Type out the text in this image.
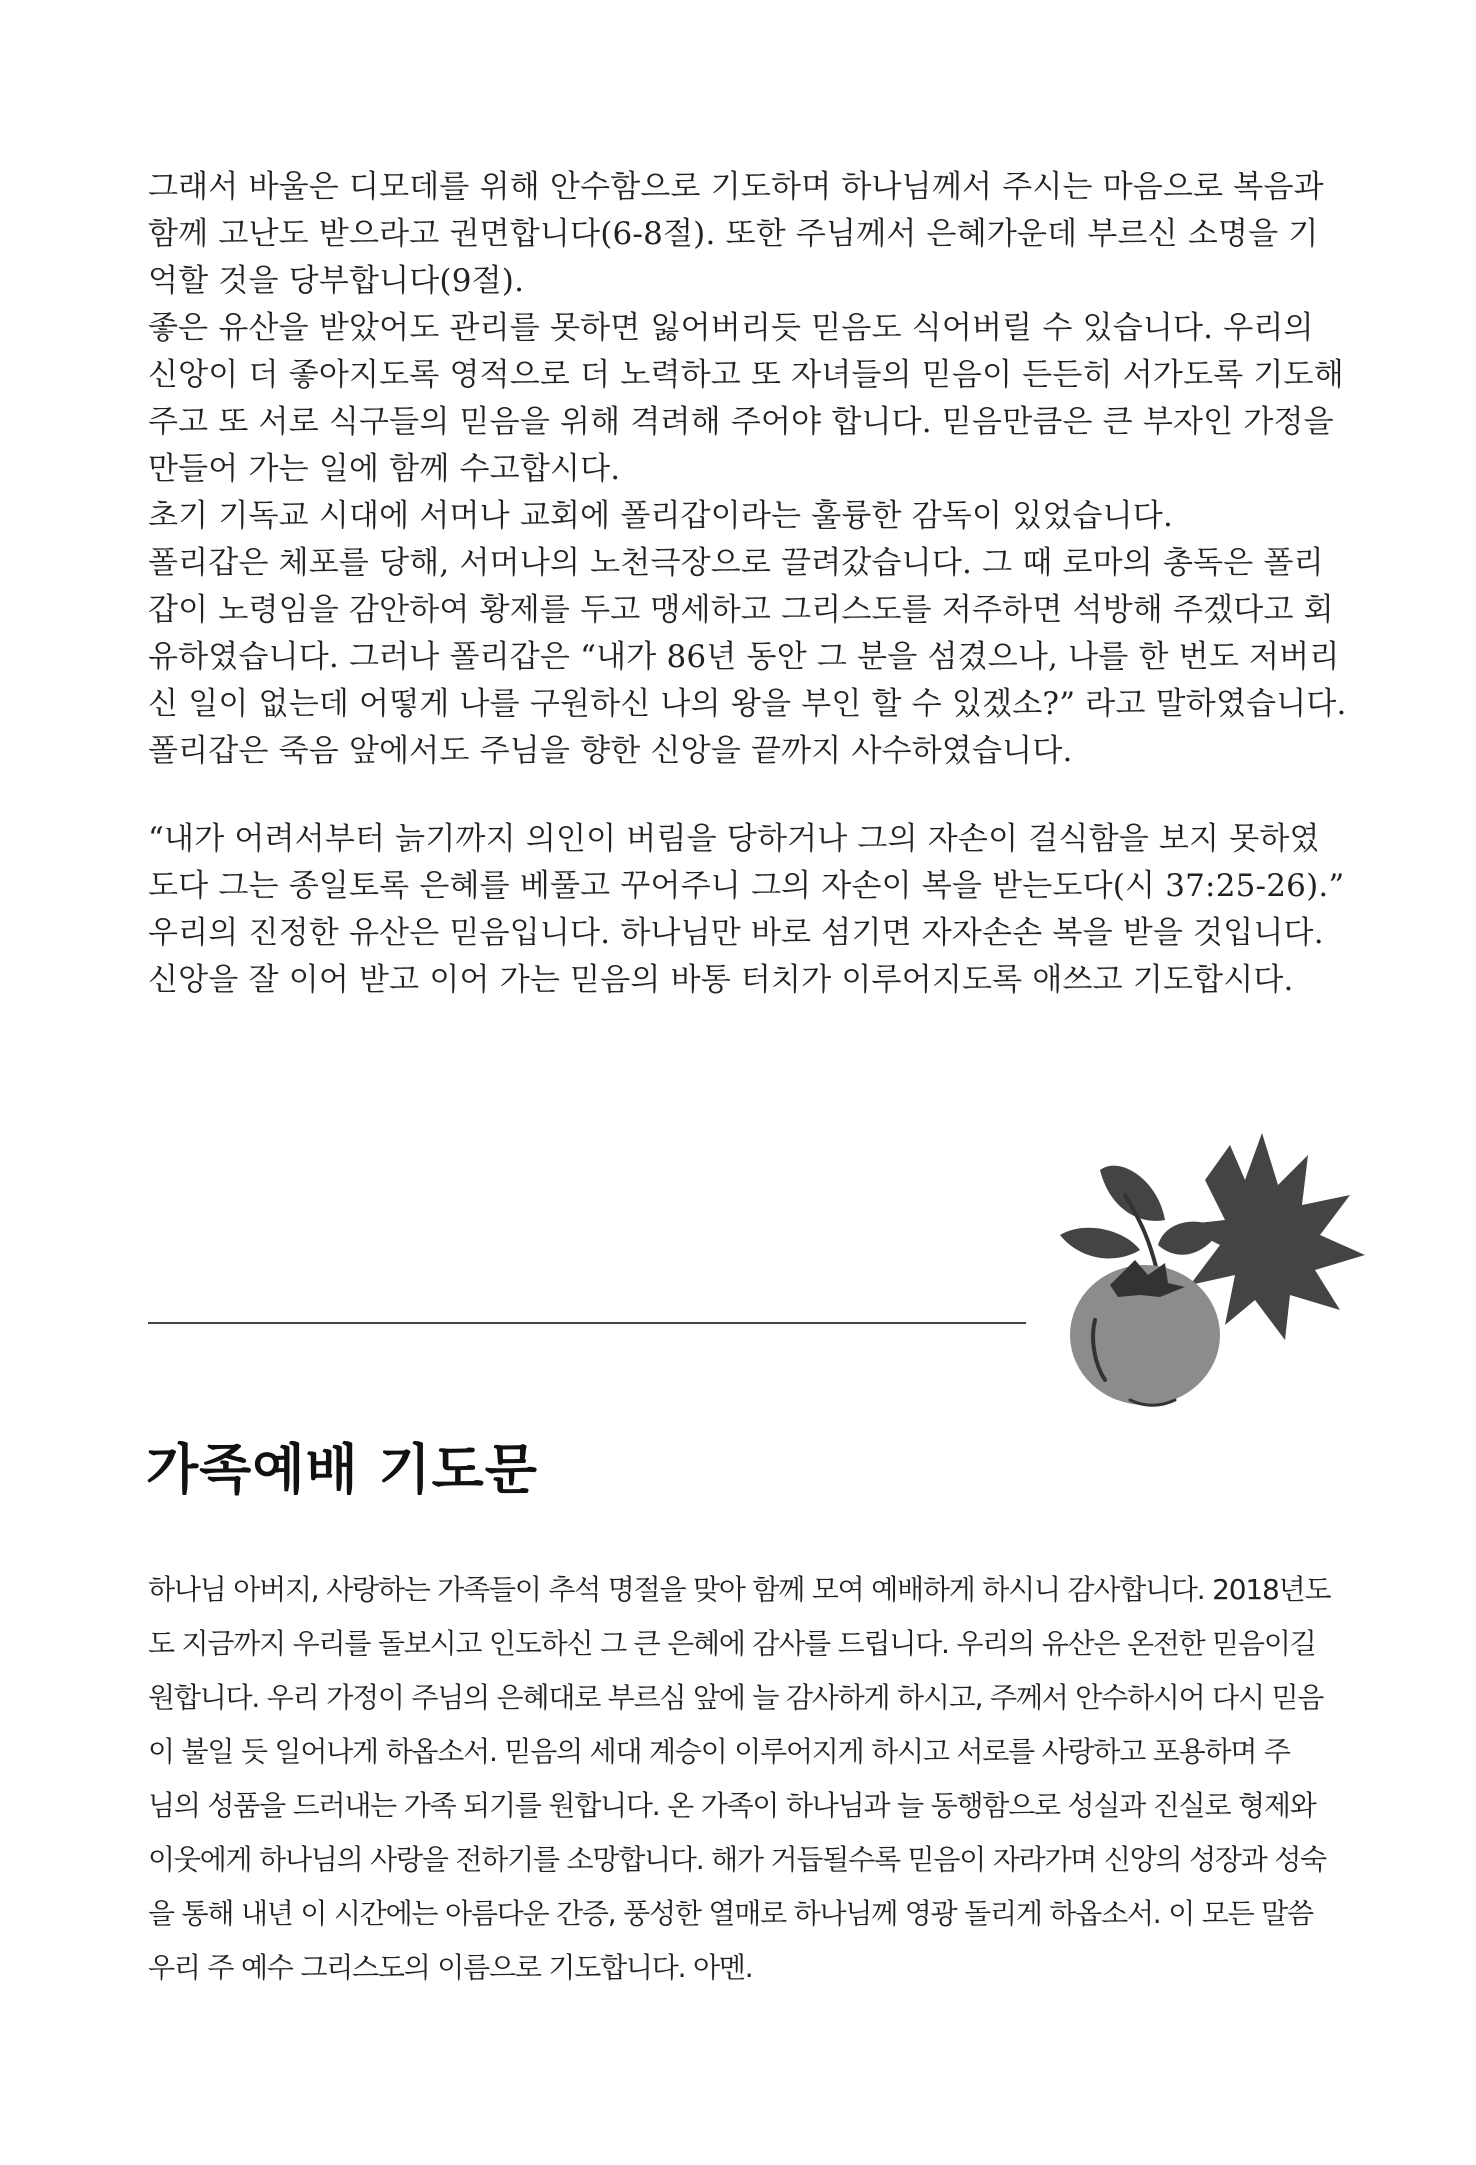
그래서 바울은 디모데를 위해 안수함으로 기도하며 하나님께서 주시는 마음으로 복음과
함께 고난도 받으라고 권면합니다(6-8절). 또한 주님께서 은혜가운데 부르신 소명을 기
억할 것을 당부합니다(9절).
좋은 유산을 받았어도 관리를 못하면 잃어버리듯 믿음도 식어버릴 수 있습니다. 우리의
신앙이 더 좋아지도록 영적으로 더 노력하고 또 자녀들의 믿음이 든든히 서가도록 기도해
주고 또 서로 식구들의 믿음을 위해 격려해 주어야 합니다. 믿음만큼은 큰 부자인 가정을
만들어 가는 일에 함께 수고합시다.
초기 기독교 시대에 서머나 교회에 폴리갑이라는 훌륭한 감독이 있었습니다.
폴리갑은 체포를 당해, 서머나의 노천극장으로 끌려갔습니다. 그 때 로마의 총독은 폴리
갑이 노령임을 감안하여 황제를 두고 맹세하고 그리스도를 저주하면 석방해 주겠다고 회
유하였습니다. 그러나 폴리갑은 “내가 86년 동안 그 분을 섬겼으나, 나를 한 번도 저버리
신 일이 없는데 어떻게 나를 구원하신 나의 왕을 부인 할 수 있겠소?” 라고 말하였습니다.
폴리갑은 죽음 앞에서도 주님을 향한 신앙을 끝까지 사수하였습니다.
“내가 어려서부터 늙기까지 의인이 버림을 당하거나 그의 자손이 걸식함을 보지 못하였
도다 그는 종일토록 은혜를 베풀고 꾸어주니 그의 자손이 복을 받는도다(시 37:25-26).”
우리의 진정한 유산은 믿음입니다. 하나님만 바로 섬기면 자자손손 복을 받을 것입니다.
신앙을 잘 이어 받고 이어 가는 믿음의 바통 터치가 이루어지도록 애쓰고 기도합시다.
가족예배 기도문
하나님 아버지, 사랑하는 가족들이 추석 명절을 맞아 함께 모여 예배하게 하시니 감사합니다. 2018년도
도 지금까지 우리를 돌보시고 인도하신 그 큰 은혜에 감사를 드립니다. 우리의 유산은 온전한 믿음이길
원합니다. 우리 가정이 주님의 은혜대로 부르심 앞에 늘 감사하게 하시고, 주께서 안수하시어 다시 믿음
이 불일 듯 일어나게 하옵소서. 믿음의 세대 계승이 이루어지게 하시고 서로를 사랑하고 포용하며 주
님의 성품을 드러내는 가족 되기를 원합니다. 온 가족이 하나님과 늘 동행함으로 성실과 진실로 형제와
이웃에게 하나님의 사랑을 전하기를 소망합니다. 해가 거듭될수록 믿음이 자라가며 신앙의 성장과 성숙
을 통해 내년 이 시간에는 아름다운 간증, 풍성한 열매로 하나님께 영광 돌리게 하옵소서. 이 모든 말씀
우리 주 예수 그리스도의 이름으로 기도합니다. 아멘.
